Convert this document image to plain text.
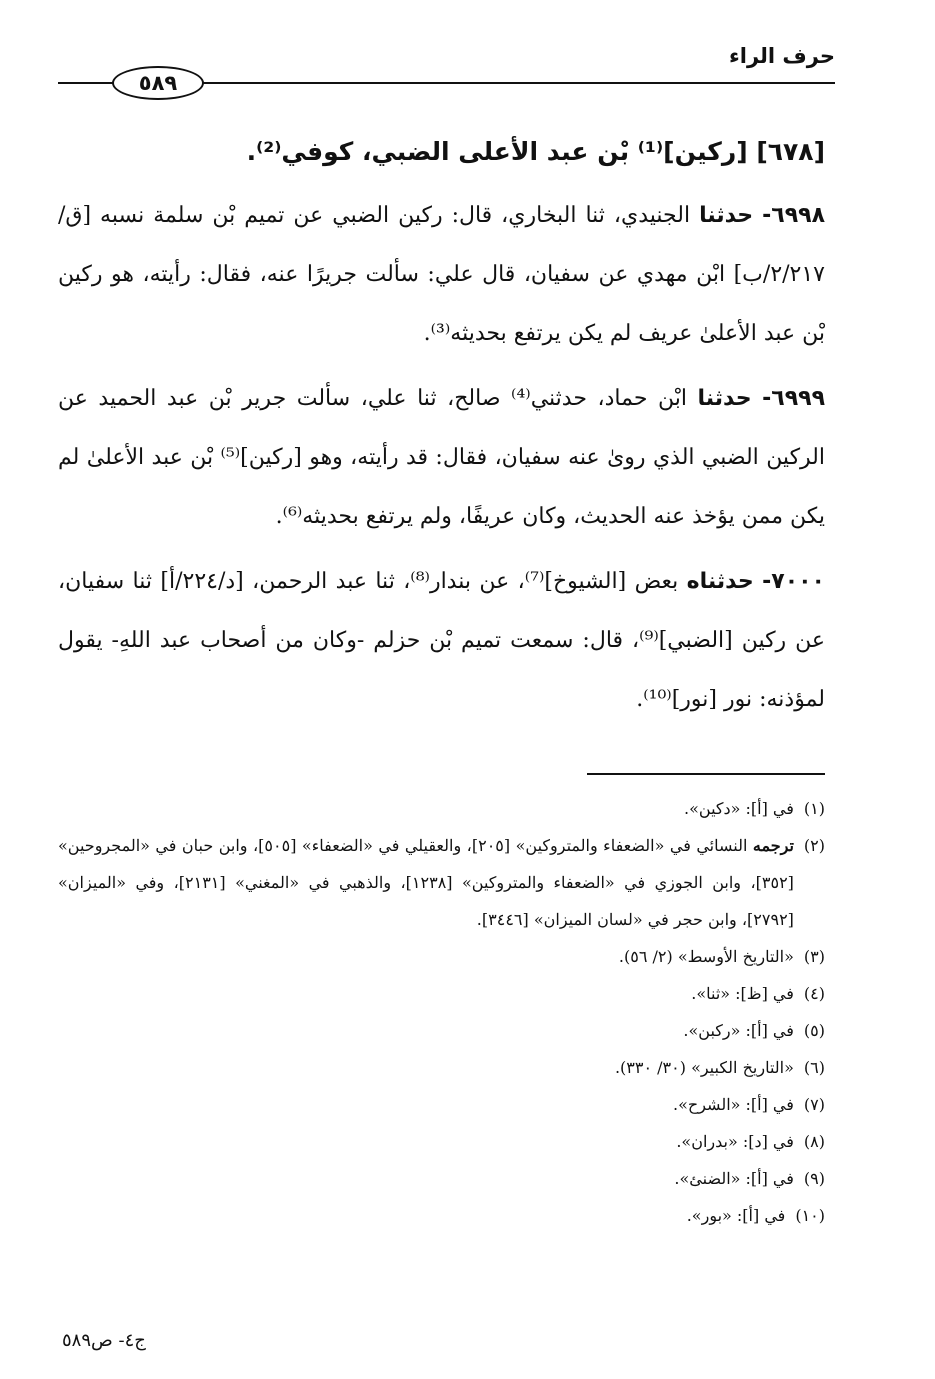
حرف الراء
٥٨٩
[٦٧٨] [ركين]⁽¹⁾ بْن عبد الأعلى الضبي، كوفي⁽²⁾.

٦٩٩٨- حدثنا الجنيدي، ثنا البخاري، قال: ركين الضبي عن تميم بْن سلمة نسبه [ق/٢/٢١٧/ب] ابْن مهدي عن سفيان، قال علي: سألت جريرًا عنه، فقال: رأيته، هو ركين بْن عبد الأعلىٰ عريف لم يكن يرتفع بحديثه⁽³⁾.

٦٩٩٩- حدثنا ابْن حماد، حدثني⁽⁴⁾ صالح، ثنا علي، سألت جرير بْن عبد الحميد عن الركين الضبي الذي روىٰ عنه سفيان، فقال: قد رأيته، وهو [ركين]⁽⁵⁾ بْن عبد الأعلىٰ لم يكن ممن يؤخذ عنه الحديث، وكان عريفًا، ولم يرتفع بحديثه⁽⁶⁾.

٧٠٠٠- حدثناه بعض [الشيوخ]⁽⁷⁾، عن بندار⁽⁸⁾، ثنا عبد الرحمن، [د/٢٢٤/أ] ثنا سفيان، عن ركين [الضبي]⁽⁹⁾، قال: سمعت تميم بْن حزلم -وكان من أصحاب عبد اللهِ- يقول لمؤذنه: نور [نور]⁽¹⁰⁾.

(١)
في [أ]: «دكين».
(٢)
ترجمه النسائي في «الضعفاء والمتروكين» [٢٠٥]، والعقيلي في «الضعفاء» [٥٠٥]، وابن حبان في «المجروحين» [٣٥٢]، وابن الجوزي في «الضعفاء والمتروكين» [١٢٣٨]، والذهبي في «المغني» [٢١٣١]، وفي «الميزان» [٢٧٩٢]، وابن حجر في «لسان الميزان» [٣٤٤٦].
(٣)
«التاريخ الأوسط» (٢/ ٥٦).
(٤)
في [ظ]: «ثنا».
(٥)
في [أ]: «ركبن».
(٦)
«التاريخ الكبير» (٣٠/ ٣٣٠).
(٧)
في [أ]: «الشرح».
(٨)
في [د]: «بدران».
(٩)
في [أ]: «الضنئ».
(١٠)
في [أ]: «بور».
ج٤- ص٥٨٩
